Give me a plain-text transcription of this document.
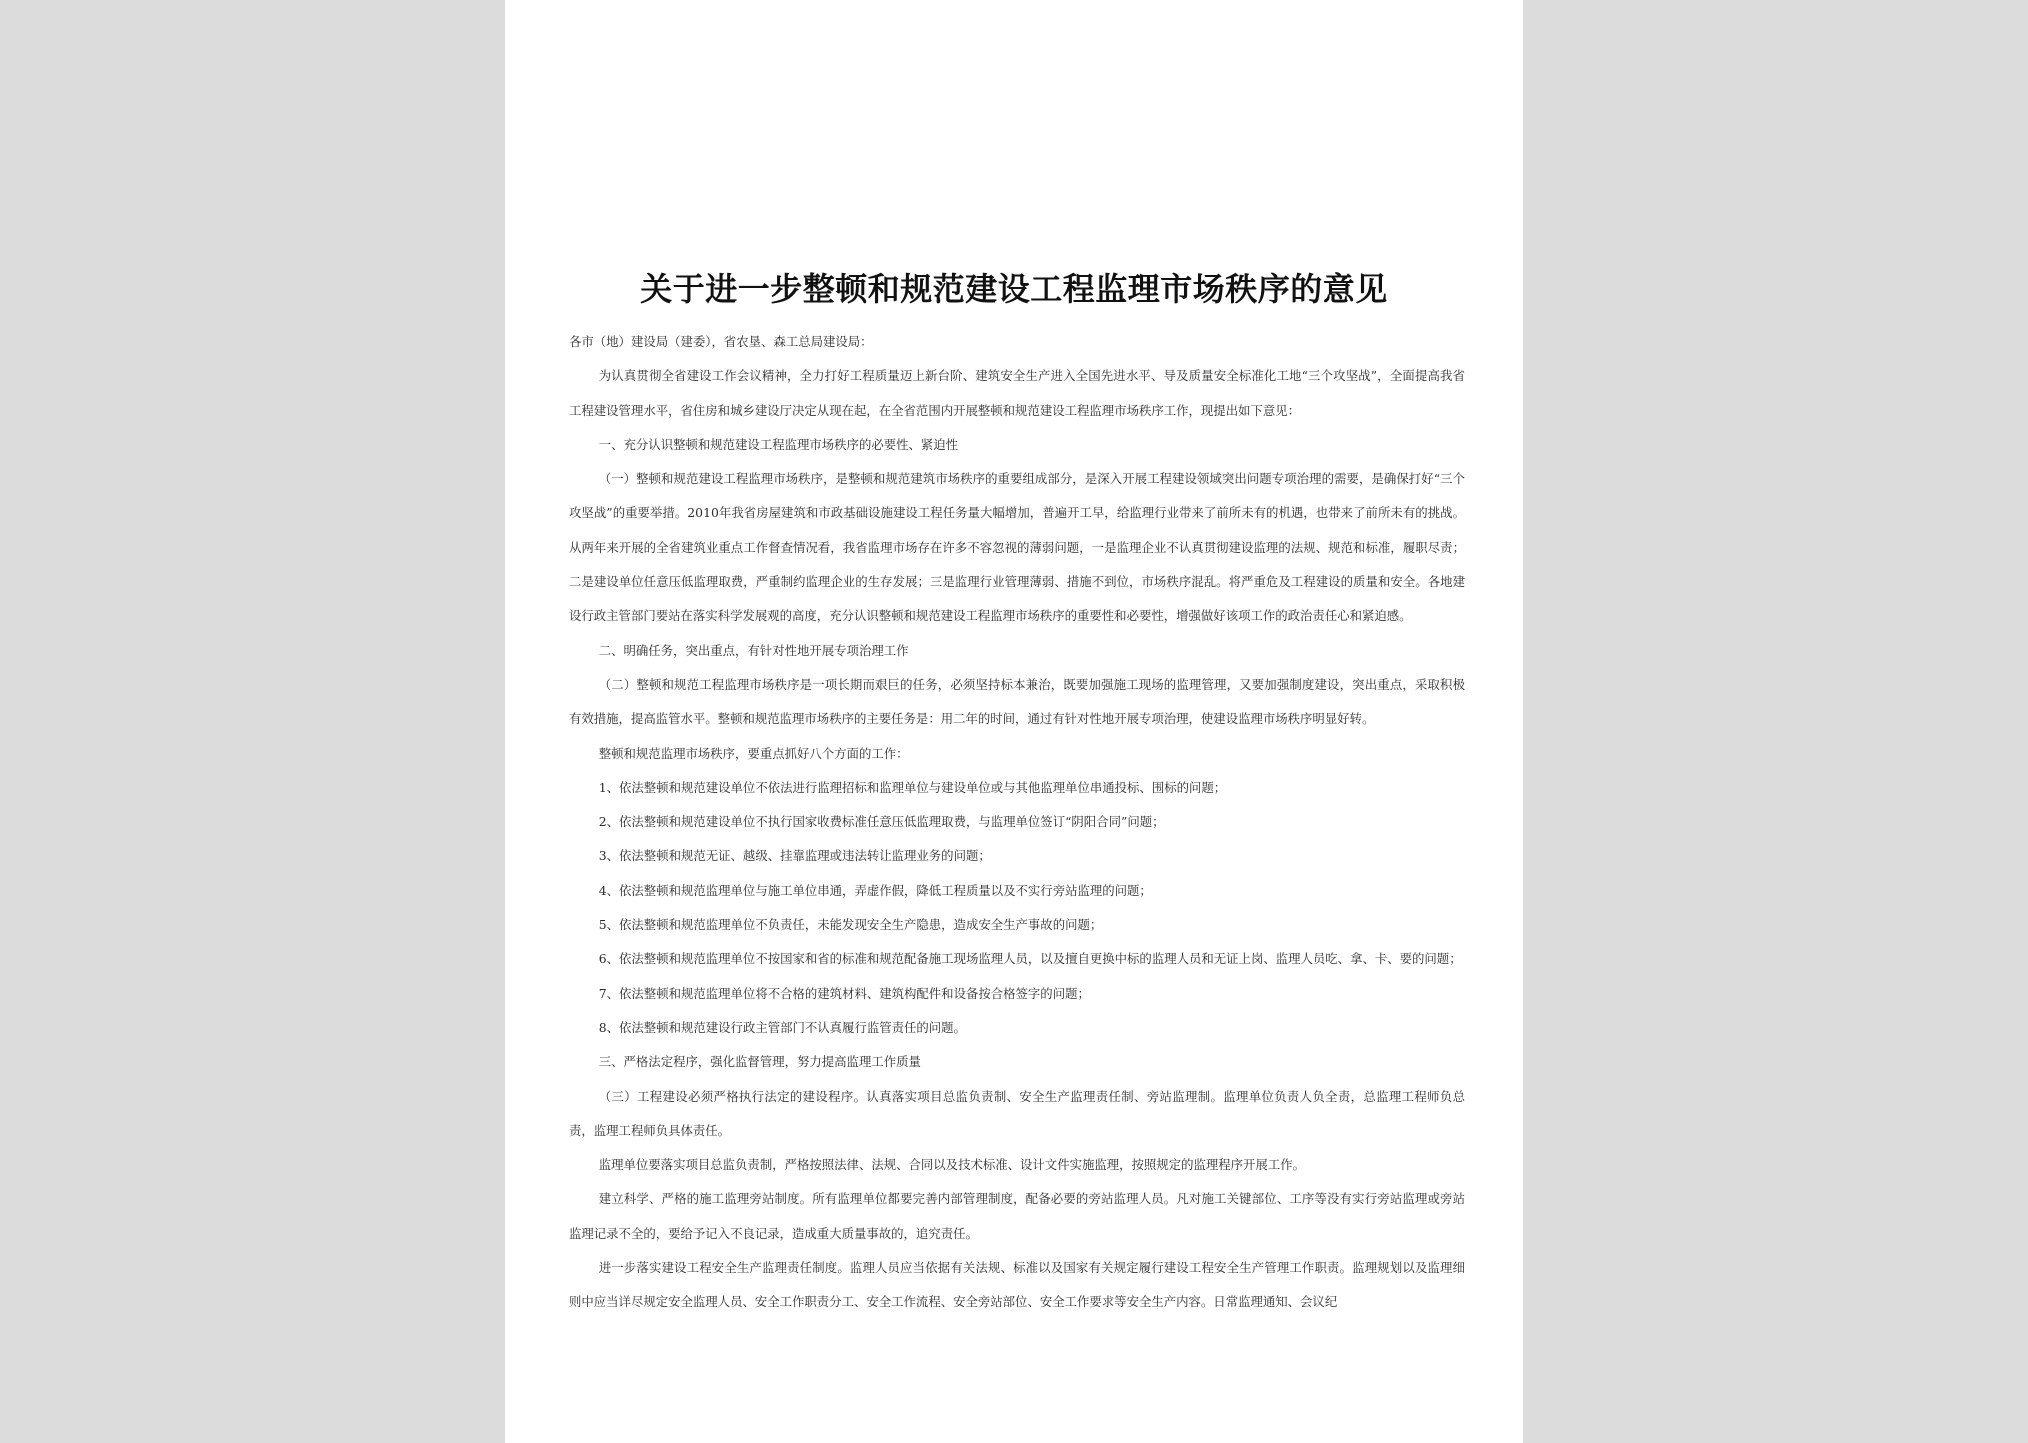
关于进一步整顿和规范建设工程监理市场秩序的意见

各市（地）建设局（建委），省农垦、森工总局建设局：

为认真贯彻全省建设工作会议精神，全力打好工程质量迈上新台阶、建筑安全生产进入全国先进水平、导及质量安全标准化工地“三个攻坚战”，全面提高我省工程建设管理水平，省住房和城乡建设厅决定从现在起，在全省范围内开展整顿和规范建设工程监理市场秩序工作，现提出如下意见：

一、充分认识整顿和规范建设工程监理市场秩序的必要性、紧迫性

（一）整顿和规范建设工程监理市场秩序，是整顿和规范建筑市场秩序的重要组成部分，是深入开展工程建设领域突出问题专项治理的需要，是确保打好“三个攻坚战”的重要举措。2010年我省房屋建筑和市政基础设施建设工程任务量大幅增加，普遍开工早，给监理行业带来了前所未有的机遇，也带来了前所未有的挑战。从两年来开展的全省建筑业重点工作督查情况看，我省监理市场存在许多不容忽视的薄弱问题，一是监理企业不认真贯彻建设监理的法规、规范和标准，履职尽责；二是建设单位任意压低监理取费，严重制约监理企业的生存发展；三是监理行业管理薄弱、措施不到位，市场秩序混乱。将严重危及工程建设的质量和安全。各地建设行政主管部门要站在落实科学发展观的高度，充分认识整顿和规范建设工程监理市场秩序的重要性和必要性，增强做好该项工作的政治责任心和紧迫感。

二、明确任务，突出重点，有针对性地开展专项治理工作

（二）整顿和规范工程监理市场秩序是一项长期而艰巨的任务，必须坚持标本兼治，既要加强施工现场的监理管理，又要加强制度建设，突出重点，采取积极有效措施，提高监管水平。整顿和规范监理市场秩序的主要任务是：用二年的时间，通过有针对性地开展专项治理，使建设监理市场秩序明显好转。

整顿和规范监理市场秩序，要重点抓好八个方面的工作：

1、依法整顿和规范建设单位不依法进行监理招标和监理单位与建设单位或与其他监理单位串通投标、围标的问题；

2、依法整顿和规范建设单位不执行国家收费标准任意压低监理取费，与监理单位签订“阴阳合同”问题；

3、依法整顿和规范无证、越级、挂靠监理或违法转让监理业务的问题；

4、依法整顿和规范监理单位与施工单位串通，弄虚作假，降低工程质量以及不实行旁站监理的问题；

5、依法整顿和规范监理单位不负责任，未能发现安全生产隐患，造成安全生产事故的问题；

6、依法整顿和规范监理单位不按国家和省的标准和规范配备施工现场监理人员，以及擅自更换中标的监理人员和无证上岗、监理人员吃、拿、卡、要的问题；

7、依法整顿和规范监理单位将不合格的建筑材料、建筑构配件和设备按合格签字的问题；

8、依法整顿和规范建设行政主管部门不认真履行监管责任的问题。

三、严格法定程序，强化监督管理，努力提高监理工作质量

（三）工程建设必须严格执行法定的建设程序。认真落实项目总监负责制、安全生产监理责任制、旁站监理制。监理单位负责人负全责，总监理工程师负总责，监理工程师负具体责任。

监理单位要落实项目总监负责制，严格按照法律、法规、合同以及技术标准、设计文件实施监理，按照规定的监理程序开展工作。

建立科学、严格的施工监理旁站制度。所有监理单位都要完善内部管理制度，配备必要的旁站监理人员。凡对施工关键部位、工序等没有实行旁站监理或旁站监理记录不全的，要给予记入不良记录，造成重大质量事故的，追究责任。

进一步落实建设工程安全生产监理责任制度。监理人员应当依据有关法规、标准以及国家有关规定履行建设工程安全生产管理工作职责。监理规划以及监理细则中应当详尽规定安全监理人员、安全工作职责分工、安全工作流程、安全旁站部位、安全工作要求等安全生产内容。日常监理通知、会议纪
